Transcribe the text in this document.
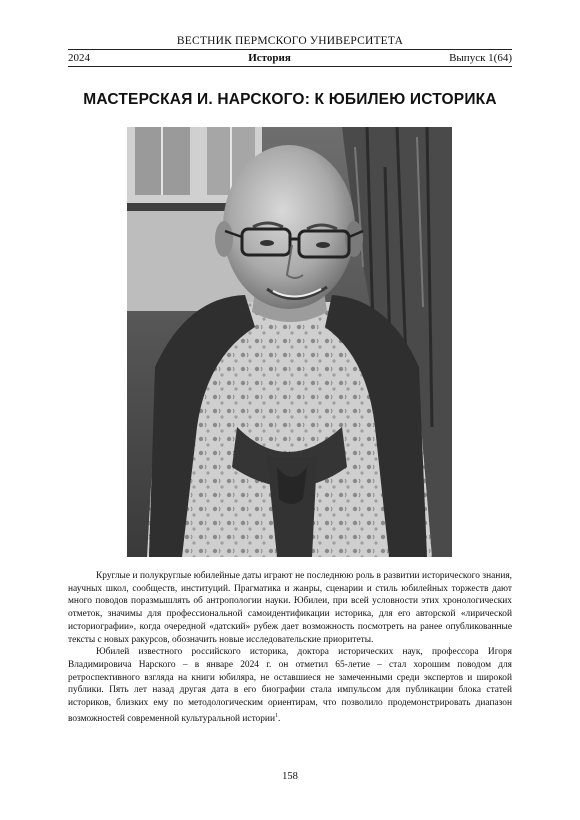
ВЕСТНИК ПЕРМСКОГО УНИВЕРСИТЕТА
2024	История	Выпуск 1(64)
МАСТЕРСКАЯ И. НАРСКОГО: К ЮБИЛЕЮ ИСТОРИКА

Круглые и полукруглые юбилейные даты играют не последнюю роль в развитии исторического знания, научных школ, сообществ, институций. Прагматика и жанры, сценарии и стиль юбилейных торжеств дают много поводов поразмышлять об антропологии науки. Юбилеи, при всей условности этих хронологических отметок, значимы для профессиональной самоидентификации историка, для его авторской «лирической историографии», когда очередной «датский» рубеж дает возможность посмотреть на ранее опубликованные тексты с новых ракурсов, обозначить новые исследовательские приоритеты.

Юбилей известного российского историка, доктора исторических наук, профессора Игоря Владимировича Нарского – в январе 2024 г. он отметил 65-летие – стал хорошим поводом для ретроспективного взгляда на книги юбиляра, не оставшиеся не замеченными среди экспертов и широкой публики. Пять лет назад другая дата в его биографии стала импульсом для публикации блока статей историков, близких ему по методологическим ориентирам, что позволило продемонстрировать диапазон возможностей современной культуральной истории$^1$.

158
